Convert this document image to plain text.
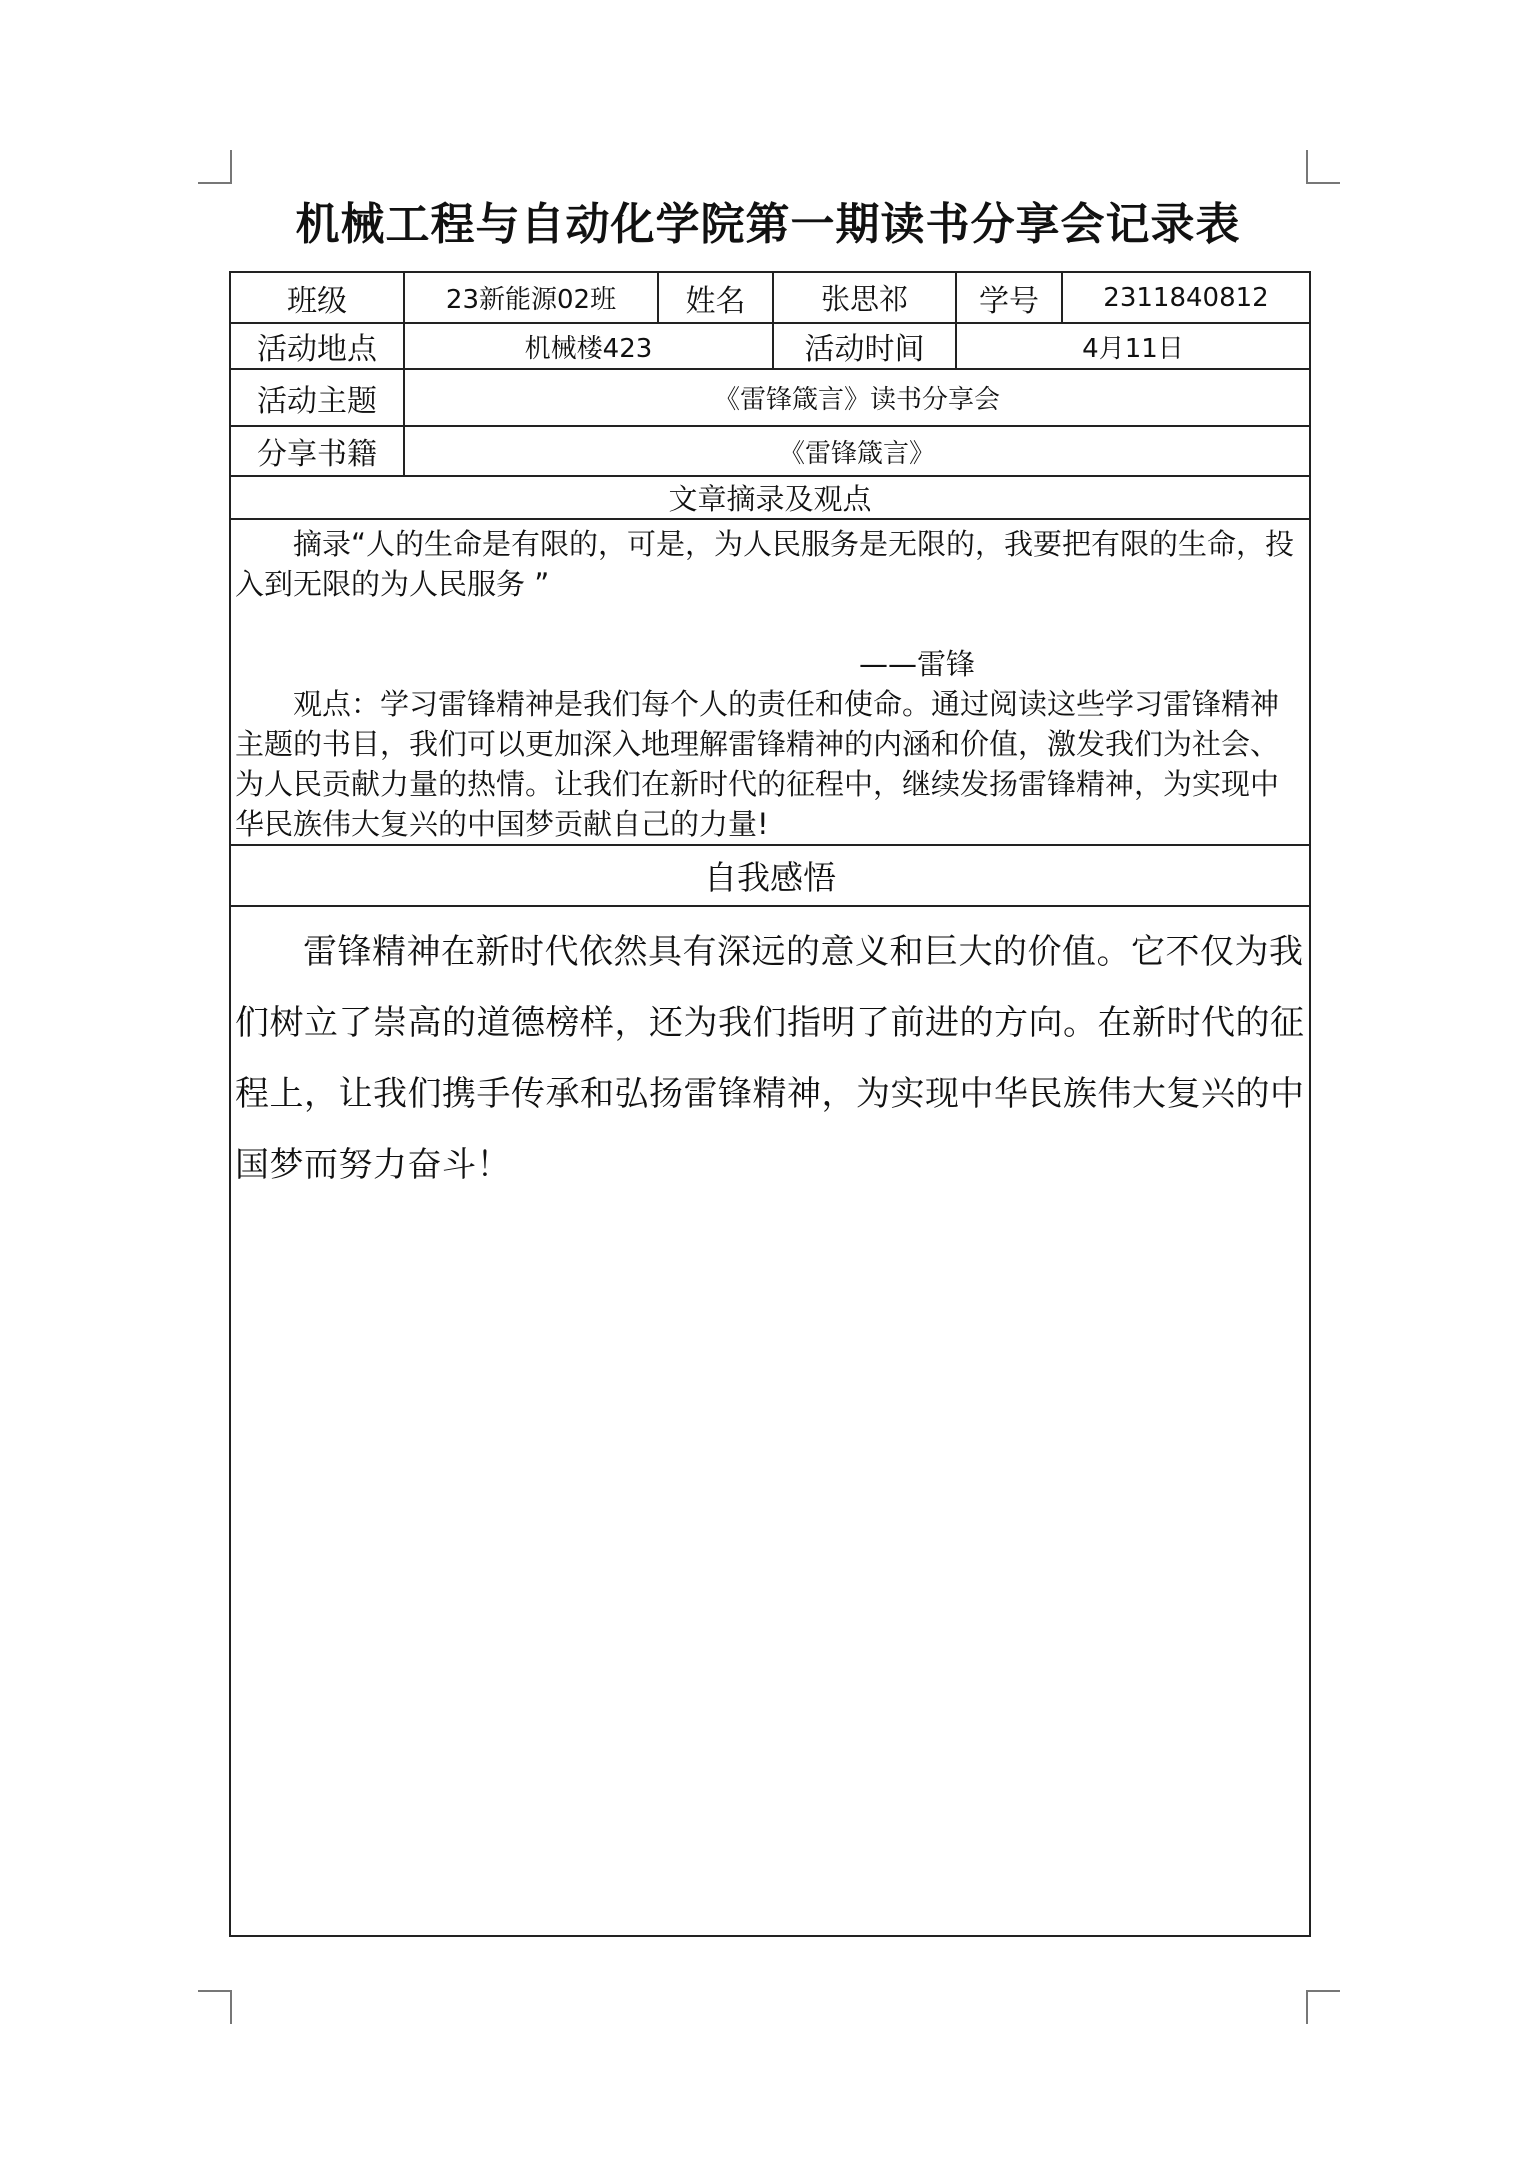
机械工程与自动化学院第一期读书分享会记录表
班级	23新能源02班	姓名	张思祁	学号	2311840812
活动地点	机械楼423		活动时间	4月11日	
活动主题	《雷锋箴言》读书分享会				
分享书籍	《雷锋箴言》				
文章摘录及观点					

摘录“人的生命是有限的，可是，为人民服务是无限的，我要把有限的生命，投入到无限的为人民服务 ”

——雷锋

观点：学习雷锋精神是我们每个人的责任和使命。通过阅读这些学习雷锋精神主题的书目，我们可以更加深入地理解雷锋精神的内涵和价值，激发我们为社会、为人民贡献力量的热情。让我们在新时代的征程中，继续发扬雷锋精神，为实现中华民族伟大复兴的中国梦贡献自己的力量!					

自我感悟					

雷锋精神在新时代依然具有深远的意义和巨大的价值。它不仅为我们树立了崇高的道德榜样，还为我们指明了前进的方向。在新时代的征程上，让我们携手传承和弘扬雷锋精神，为实现中华民族伟大复兴的中国梦而努力奋斗！					
